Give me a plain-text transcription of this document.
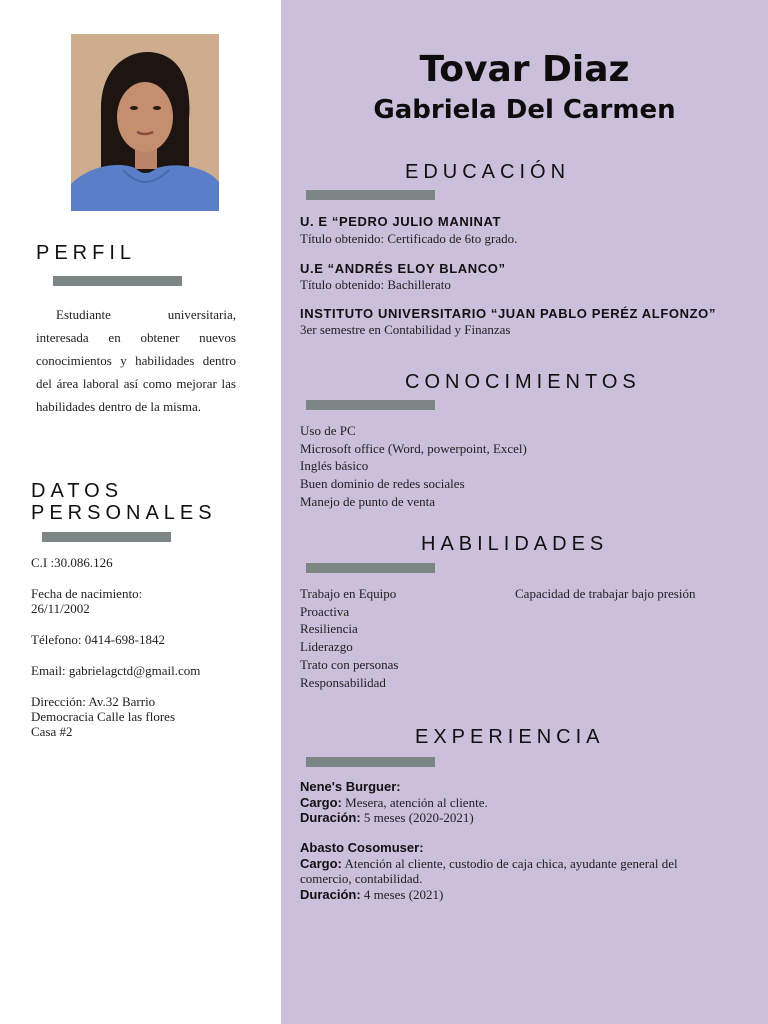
PERFIL
Estudiante universitaria, interesada en obtener nuevos conocimientos y habilidades dentro del área laboral así como mejorar las habilidades dentro de la misma.
DATOS
PERSONALES
C.I :30.086.126
Fecha de nacimiento:
26/11/2002
Télefono: 0414-698-1842
Email: gabrielagctd@gmail.com
Dirección: Av.32 Barrio
Democracia Calle las flores
Casa #2
Tovar Diaz
Gabriela Del Carmen
EDUCACIÓN
U. E “PEDRO JULIO MANINAT
Título obtenido: Certificado de 6to grado.
U.E “ANDRÉS ELOY BLANCO”
Título obtenido: Bachillerato
INSTITUTO UNIVERSITARIO “JUAN PABLO PERÉZ ALFONZO”
3er semestre en Contabilidad y Finanzas
CONOCIMIENTOS
Uso de PC
Microsoft office (Word, powerpoint, Excel)
Inglés básico
Buen dominio de redes sociales
Manejo de punto de venta
HABILIDADES
Trabajo en Equipo
Proactiva
Resiliencia
Liderazgo
Trato con personas
Responsabilidad
Capacidad de trabajar bajo presión
EXPERIENCIA
Nene's Burguer:
Cargo: Mesera, atención al cliente.
Duración: 5 meses (2020-2021)
Abasto Cosomuser:
Cargo: Atención al cliente, custodio de caja chica, ayudante general del comercio, contabilidad.
Duración: 4 meses (2021)
